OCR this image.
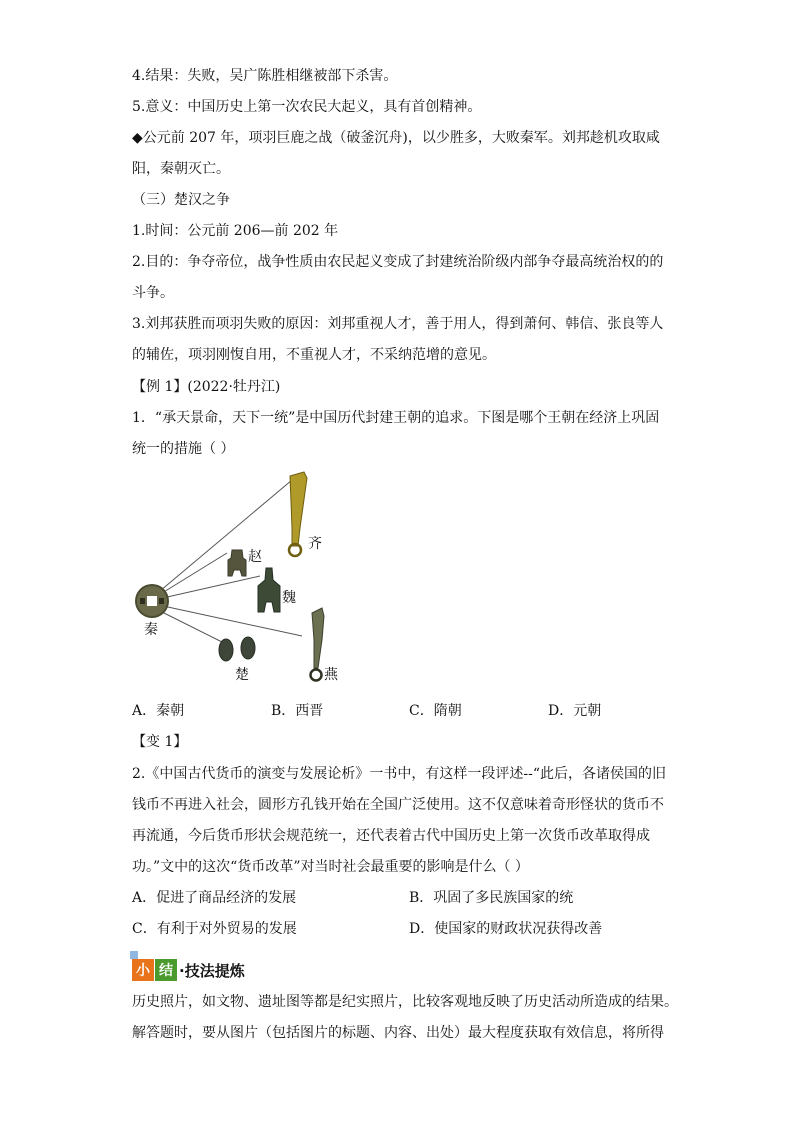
4.结果：失败，吴广陈胜相继被部下杀害。
5.意义：中国历史上第一次农民大起义，具有首创精神。
◆公元前 207 年，项羽巨鹿之战（破釜沉舟)，以少胜多，大败秦军。刘邦趁机攻取咸
阳，秦朝灭亡。
（三）楚汉之争
1.时间：公元前 206—前 202 年
2.目的：争夺帝位，战争性质由农民起义变成了封建统治阶级内部争夺最高统治权的的
斗争。
3.刘邦获胜而项羽失败的原因：刘邦重视人才，善于用人，得到萧何、韩信、张良等人
的辅佐，项羽刚愎自用，不重视人才，不采纳范增的意见。
【例 1】(2022·牡丹江)
1．“承天景命，天下一统”是中国历代封建王朝的追求。下图是哪个王朝在经济上巩固
统一的措施（ ）
秦
齐
赵
魏
楚	燕
A．秦朝	B．西晋	C．隋朝	D．元朝
【变 1】
2.《中国古代货币的演变与发展论析》一书中，有这样一段评述--“此后，各诸侯国的旧
钱币不再进入社会，圆形方孔钱开始在全国广泛使用。这不仅意味着奇形怪状的货币不
再流通，今后货币形状会规范统一，还代表着古代中国历史上第一次货币改革取得成
功。”文中的这次“货币改革”对当时社会最重要的影响是什么（ ）
A．促进了商品经济的发展	B．巩固了多民族国家的统
C．有利于对外贸易的发展	D．使国家的财政状况获得改善
小 结 ·技法提炼
历史照片，如文物、遗址图等都是纪实照片，比较客观地反映了历史活动所造成的结果。
解答题时，要从图片（包括图片的标题、内容、出处）最大程度获取有效信息，将所得
